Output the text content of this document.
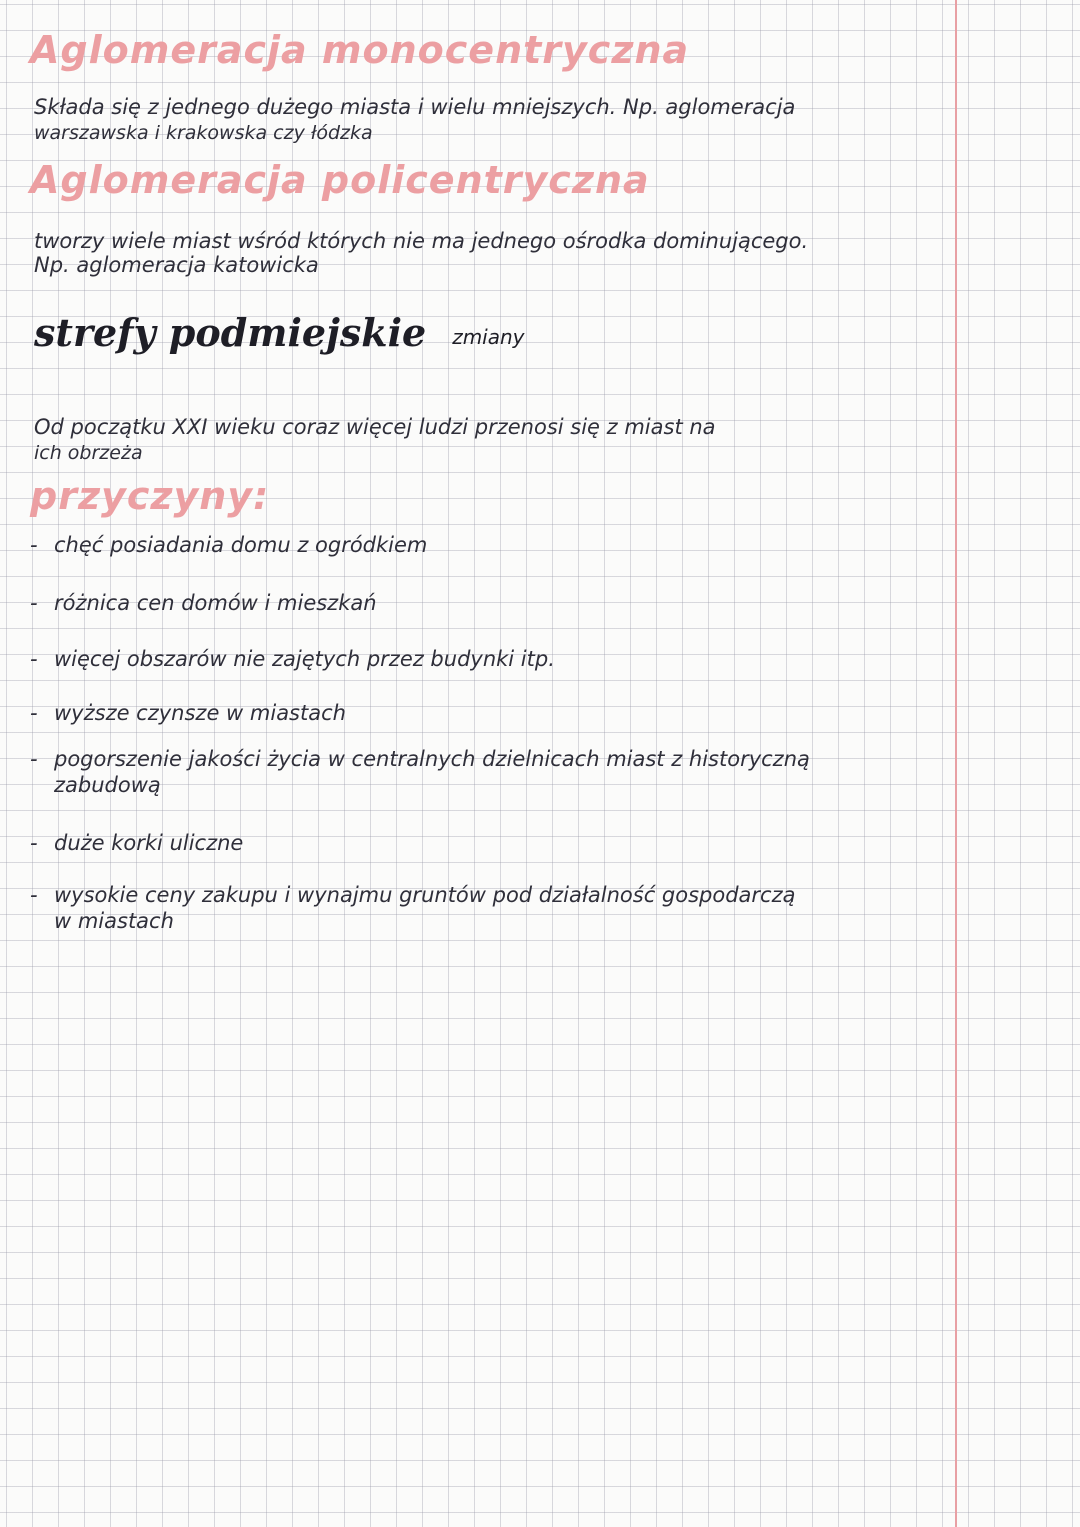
Aglomeracja monocentryczna
Składa się z jednego dużego miasta i wielu mniejszych. Np. aglomeracja
warszawska i krakowska czy łódzka
Aglomeracja policentryczna
tworzy wiele miast wśród których nie ma jednego ośrodka dominującego.
Np. aglomeracja katowicka
strefy podmiejskie zmiany
Od początku XXI wieku coraz więcej ludzi przenosi się z miast na
ich obrzeża
przyczyny:
- chęć posiadania domu z ogródkiem
- różnica cen domów i mieszkań
- więcej obszarów nie zajętych przez budynki itp.
- wyższe czynsze w miastach
- pogorszenie jakości życia w centralnych dzielnicach miast z historyczną
zabudową
- duże korki uliczne
- wysokie ceny zakupu i wynajmu gruntów pod działalność gospodarczą
w miastach
